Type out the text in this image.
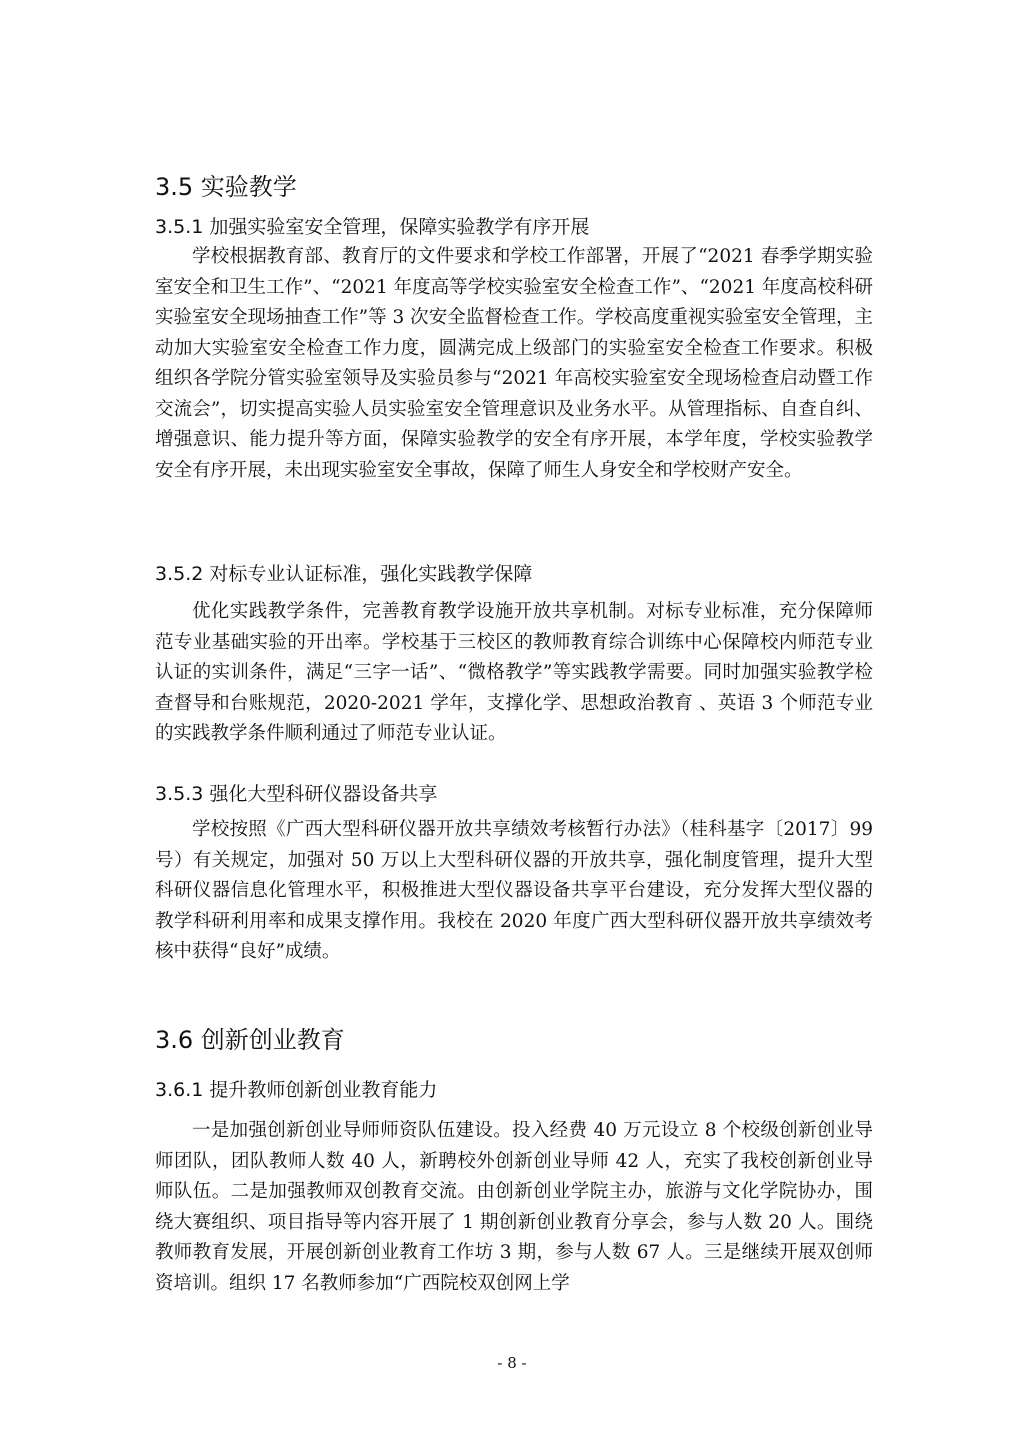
3.5 实验教学
3.5.1 加强实验室安全管理，保障实验教学有序开展

学校根据教育部、教育厅的文件要求和学校工作部署，开展了“2021 春季学期实验室安全和卫生工作”、“2021 年度高等学校实验室安全检查工作”、“2021 年度高校科研实验室安全现场抽查工作”等 3 次安全监督检查工作。学校高度重视实验室安全管理，主动加大实验室安全检查工作力度，圆满完成上级部门的实验室安全检查工作要求。积极组织各学院分管实验室领导及实验员参与“2021 年高校实验室安全现场检查启动暨工作交流会”，切实提高实验人员实验室安全管理意识及业务水平。从管理指标、自查自纠、增强意识、能力提升等方面，保障实验教学的安全有序开展，本学年度，学校实验教学安全有序开展，未出现实验室安全事故，保障了师生人身安全和学校财产安全。

3.5.2 对标专业认证标准，强化实践教学保障

优化实践教学条件，完善教育教学设施开放共享机制。对标专业标准，充分保障师范专业基础实验的开出率。学校基于三校区的教师教育综合训练中心保障校内师范专业认证的实训条件，满足“三字一话”、“微格教学”等实践教学需要。同时加强实验教学检查督导和台账规范，2020-2021 学年，支撑化学、思想政治教育 、英语 3 个师范专业的实践教学条件顺利通过了师范专业认证。

3.5.3 强化大型科研仪器设备共享

学校按照《广西大型科研仪器开放共享绩效考核暂行办法》（桂科基字〔2017〕99 号）有关规定，加强对 50 万以上大型科研仪器的开放共享，强化制度管理，提升大型科研仪器信息化管理水平，积极推进大型仪器设备共享平台建设，充分发挥大型仪器的教学科研利用率和成果支撑作用。我校在 2020 年度广西大型科研仪器开放共享绩效考核中获得“良好”成绩。

3.6 创新创业教育
3.6.1 提升教师创新创业教育能力

一是加强创新创业导师师资队伍建设。投入经费 40 万元设立 8 个校级创新创业导师团队，团队教师人数 40 人，新聘校外创新创业导师 42 人，充实了我校创新创业导师队伍。二是加强教师双创教育交流。由创新创业学院主办，旅游与文化学院协办，围绕大赛组织、项目指导等内容开展了 1 期创新创业教育分享会，参与人数 20 人。围绕教师教育发展，开展创新创业教育工作坊 3 期，参与人数 67 人。三是继续开展双创师资培训。组织 17 名教师参加“广西院校双创网上学

- 8 -
